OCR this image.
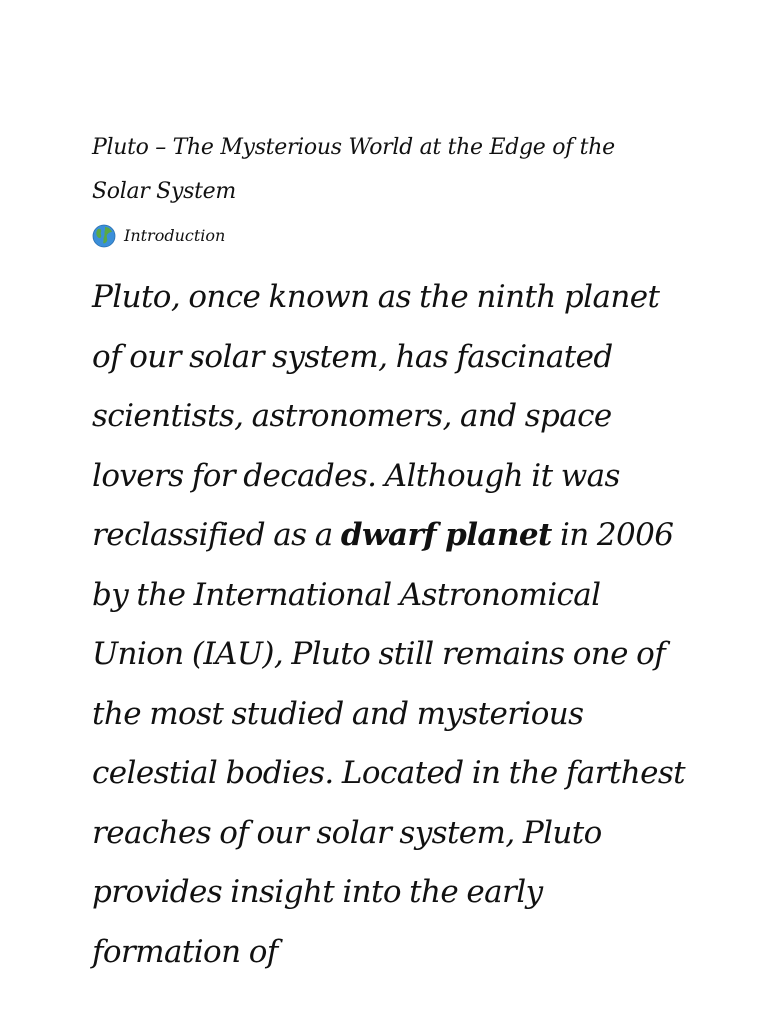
Pluto – The Mysterious World at the Edge of the Solar System
Introduction

Pluto, once known as the ninth planet of our solar system, has fascinated scientists, astronomers, and space lovers for decades. Although it was reclassified as a dwarf planet in 2006 by the International Astronomical Union (IAU), Pluto still remains one of the most studied and mysterious celestial bodies. Located in the farthest reaches of our solar system, Pluto provides insight into the early formation of
